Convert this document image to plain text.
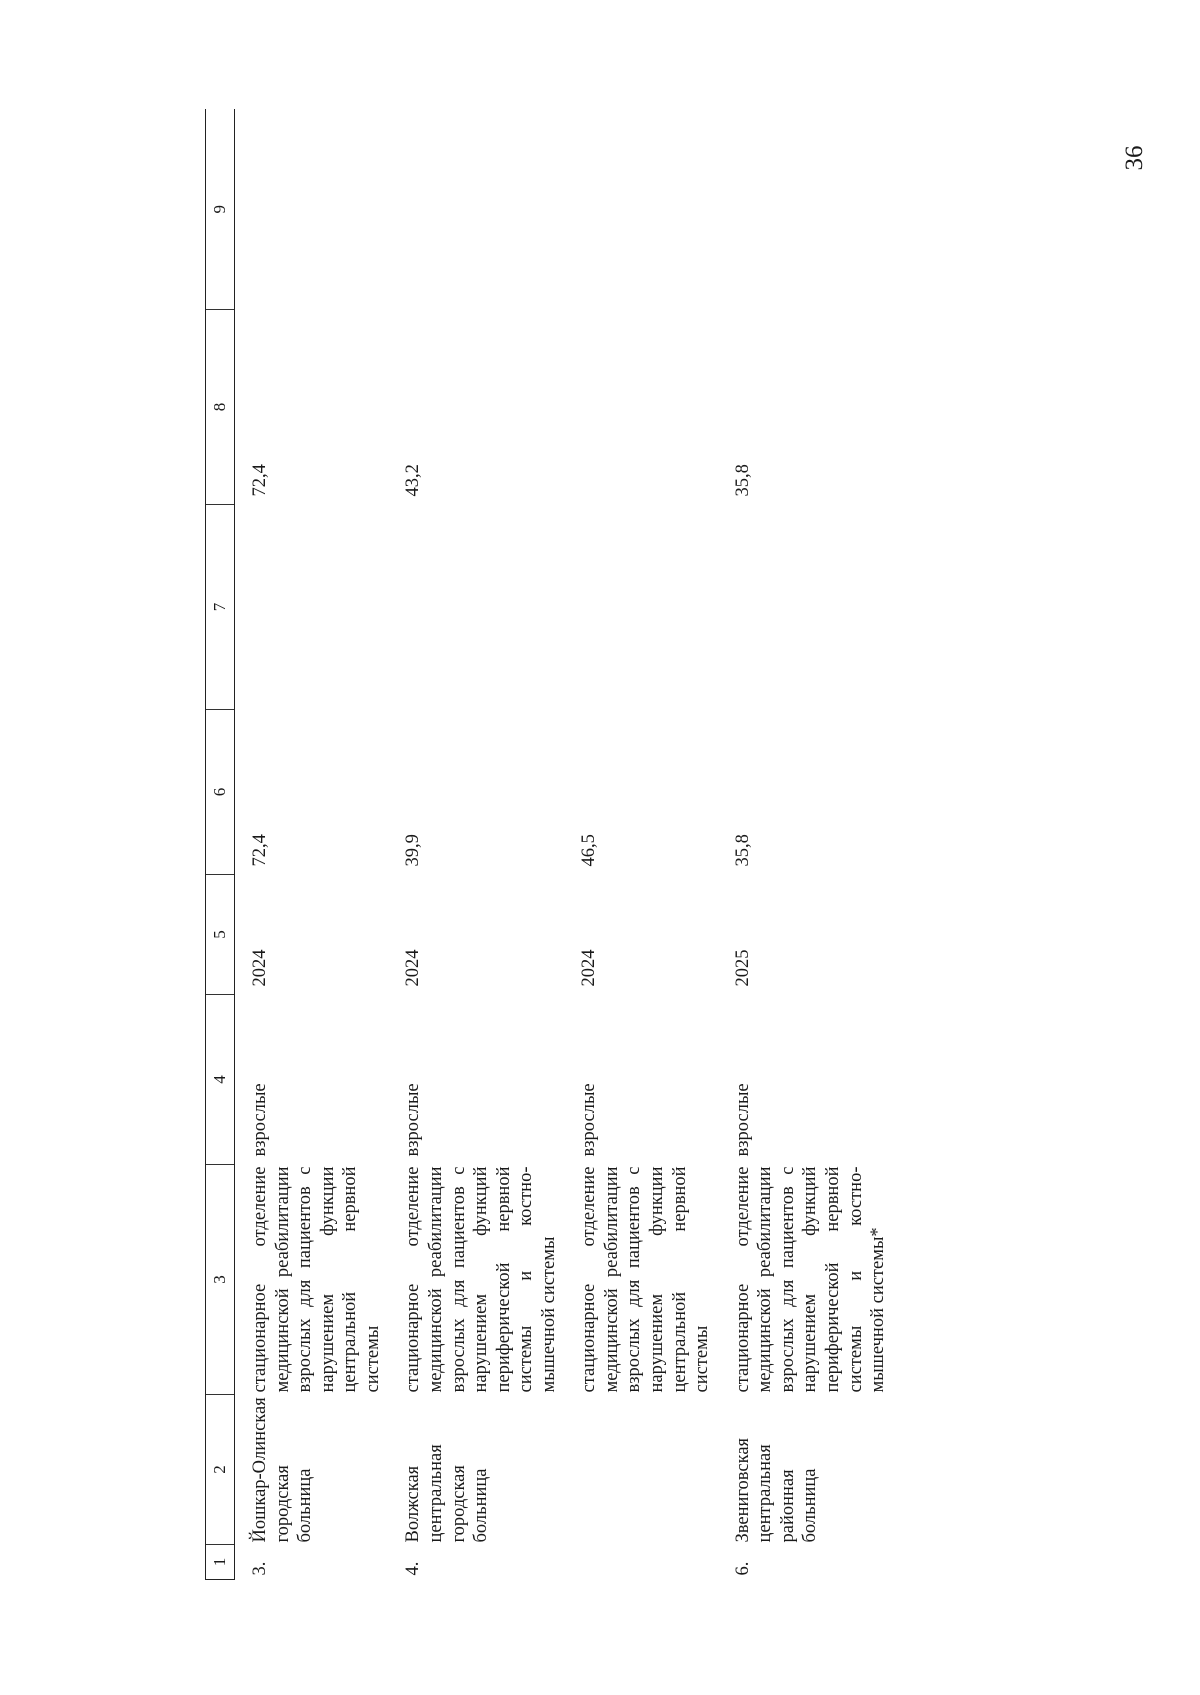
36
1	2	3	4	5	6	7	8	9
3.	Йошкар-Олинская городская больница	стационарное отделение медицинской реабилитации взрослых для пациентов с нарушением функции центральной нервной системы	взрослые	2024	72,4		72,4	
4.	Волжская центральная городская больница	стационарное отделение медицинской реабилитации взрослых для пациентов с нарушением функций периферической нервной системы и костно-мышечной системы	взрослые	2024	39,9		43,2	
		стационарное отделение медицинской реабилитации взрослых для пациентов с нарушением функции центральной нервной системы	взрослые	2024	46,5			
6.	Звениговская центральная районная больница	стационарное отделение медицинской реабилитации взрослых для пациентов с нарушением функций периферической нервной системы и костно-мышечной системы*	взрослые	2025	35,8		35,8	
